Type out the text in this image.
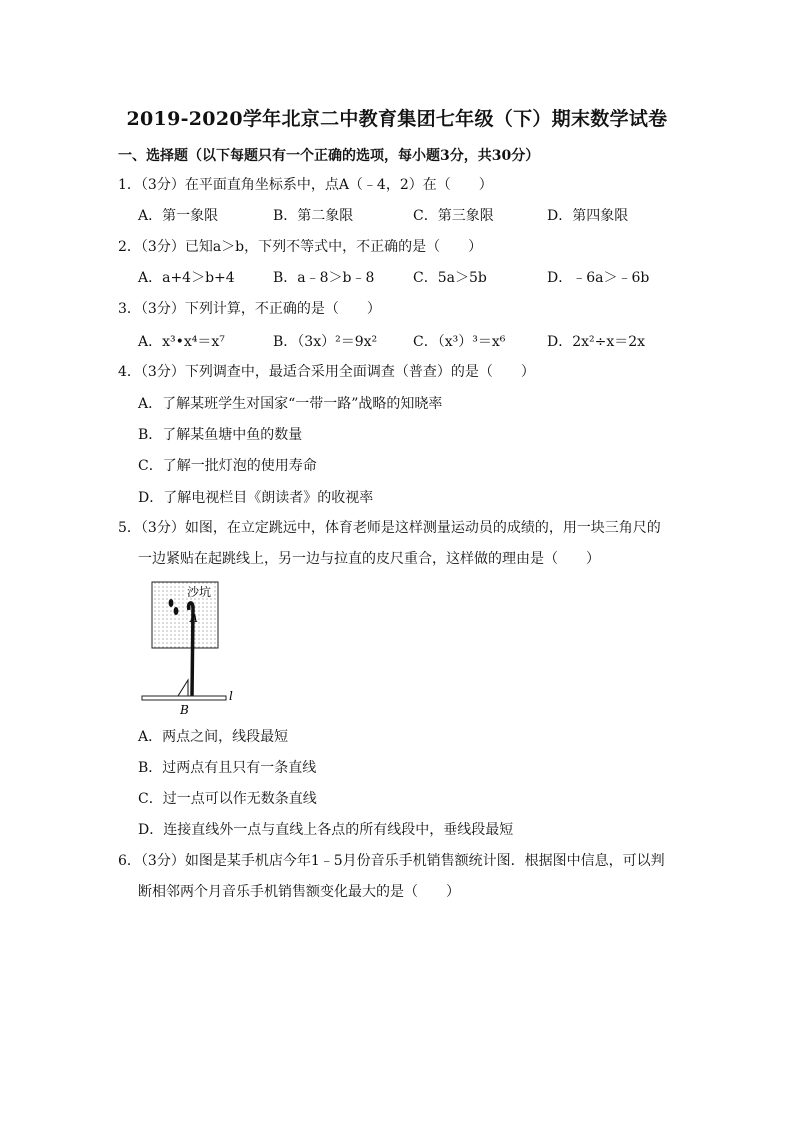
2019-2020学年北京二中教育集团七年级（下）期末数学试卷
一、选择题（以下每题只有一个正确的选项，每小题3分，共30分）
1．（3分）在平面直角坐标系中，点A（﹣4，2）在（　　）
A．第一象限	B．第二象限	C．第三象限	D．第四象限
2．（3分）已知a＞b，下列不等式中，不正确的是（　　）
A．a+4＞b+4	B．a﹣8＞b﹣8	C．5a＞5b	D．﹣6a＞﹣6b
3．（3分）下列计算，不正确的是（　　）
A．x³•x⁴＝x⁷	B．（3x）²＝9x²	C．（x³）³＝x⁶	D．2x²÷x＝2x
4．（3分）下列调查中，最适合采用全面调查（普查）的是（　　）
A．了解某班学生对国家“一带一路”战略的知晓率
B．了解某鱼塘中鱼的数量
C．了解一批灯泡的使用寿命
D．了解电视栏目《朗读者》的收视率
5．（3分）如图，在立定跳远中，体育老师是这样测量运动员的成绩的，用一块三角尺的
一边紧贴在起跳线上，另一边与拉直的皮尺重合，这样做的理由是（　　）
沙坑
A
l
B
A．两点之间，线段最短
B．过两点有且只有一条直线
C．过一点可以作无数条直线
D．连接直线外一点与直线上各点的所有线段中，垂线段最短
6．（3分）如图是某手机店今年1﹣5月份音乐手机销售额统计图．根据图中信息，可以判
断相邻两个月音乐手机销售额变化最大的是（　　）
